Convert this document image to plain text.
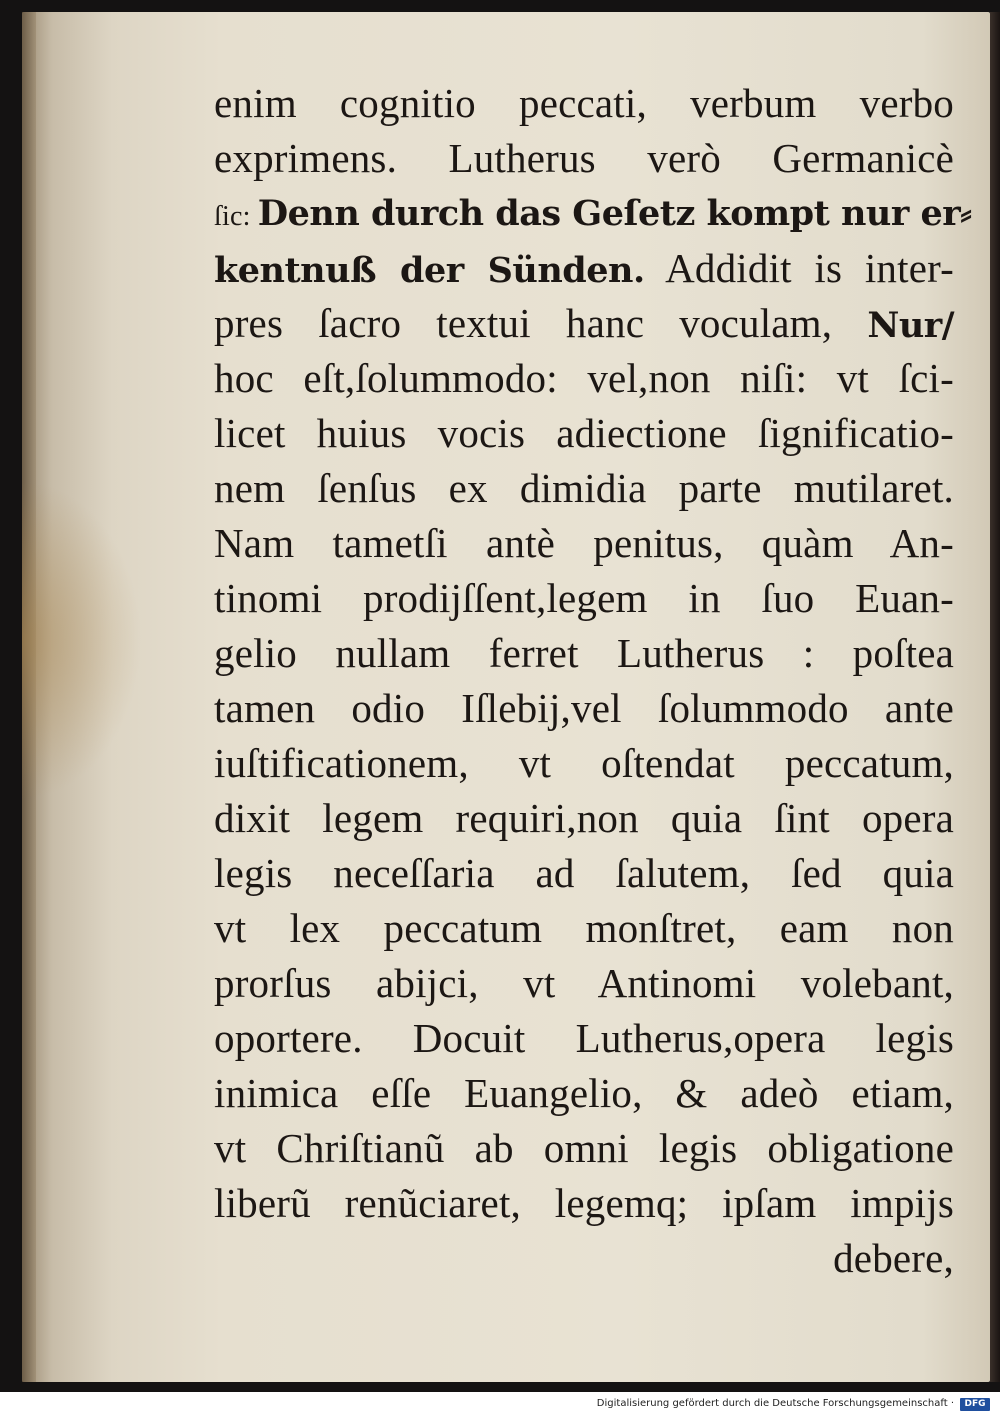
enim cognitio peccati, verbum verbo
exprimens. Lutherus verò Germanicè
ſic: Denn durch das Geſetz kompt nur er⸗
kentnuß der Sünden. Addidit is inter-
pres ſacro textui hanc voculam, Nur/
hoc eſt,ſolummodo: vel,non niſi: vt ſci-
licet huius vocis adiectione ſignificatio-
nem ſenſus ex dimidia parte mutilaret.
Nam tametſi antè penitus, quàm An-
tinomi prodijſſent,legem in ſuo Euan-
gelio nullam ferret Lutherus : poſtea
tamen odio Iſlebij,vel ſolummodo ante
iuſtificationem, vt oſtendat peccatum,
dixit legem requiri,non quia ſint opera
legis neceſſaria ad ſalutem, ſed quia
vt lex peccatum monſtret, eam non
prorſus abijci, vt Antinomi volebant,
oportere. Docuit Lutherus,opera legis
inimica eſſe Euangelio, & adeò etiam,
vt Chriſtianũ ab omni legis obligatione
liberũ renũciaret, legemq; ipſam impijs
debere,
Digitalisierung gefördert durch die Deutsche Forschungsgemeinschaft ·	DFG
